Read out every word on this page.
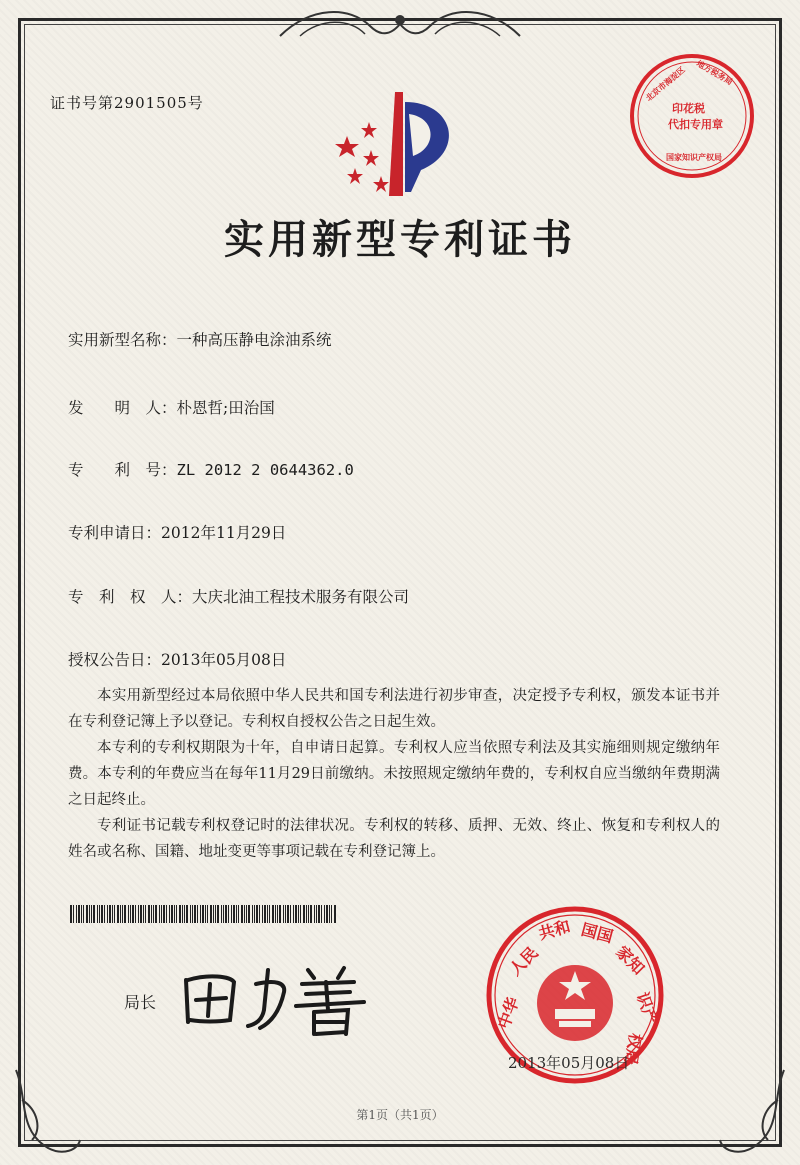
证书号第2901505号
实用新型专利证书
实用新型名称：一种高压静电涂油系统
发　　明　人：朴恩哲;田治国
专　　利　号：ZL 2012 2 0644362.0
专利申请日：2012年11月29日
专　利　权　人：大庆北油工程技术服务有限公司
授权公告日：2013年05月08日

本实用新型经过本局依照中华人民共和国专利法进行初步审查，决定授予专利权，颁发本证书并在专利登记簿上予以登记。专利权自授权公告之日起生效。

本专利的专利权期限为十年，自申请日起算。专利权人应当依照专利法及其实施细则规定缴纳年费。本专利的年费应当在每年11月29日前缴纳。未按照规定缴纳年费的，专利权自应当缴纳年费期满之日起终止。

专利证书记载专利权登记时的法律状况。专利权的转移、质押、无效、终止、恢复和专利权人的姓名或名称、国籍、地址变更等事项记载在专利登记簿上。

局长
印花税
代扣专用章
北京市海淀区 地方税务局
国家知识产权局
中华
人民
共和 国国
家知
识产
权局
2013年05月08日
第1页（共1页）
